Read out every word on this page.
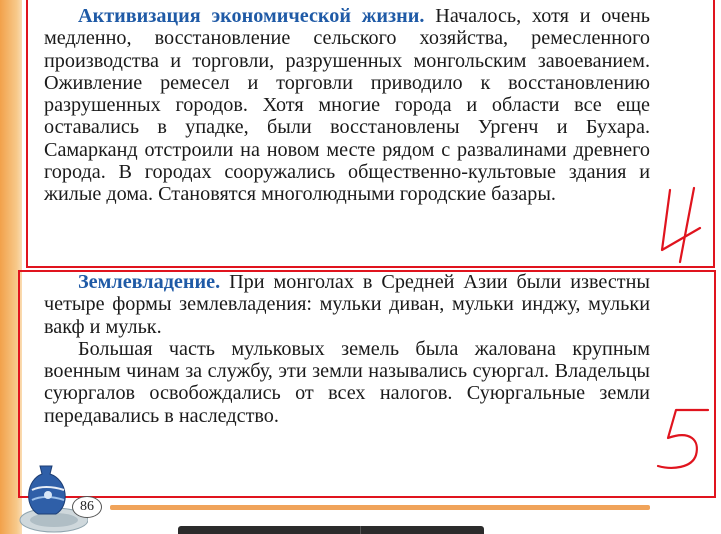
Активизация экономической жизни. Началось, хотя и очень медленно, восстановление сельского хозяйства, ремесленного производства и торговли, разрушенных монгольским завоеванием. Оживление ремесел и торговли приводило к восстановлению разрушенных городов. Хотя многие города и области все еще оставались в упадке, были восстановлены Ургенч и Бухара. Самарканд отстроили на новом месте рядом с развалинами древнего города. В городах сооружались общественно-культовые здания и жилые дома. Становятся многолюдными городские базары.

Землевладение. При монголах в Средней Азии были известны четыре формы землевладения: мульки диван, мульки инджу, мульки вакф и мульк.

Большая часть мульковых земель была жалована крупным военным чинам за службу, эти земли назывались суюргал. Владельцы суюргалов освобождались от всех налогов. Суюргальные земли передавались в наследство.

86
